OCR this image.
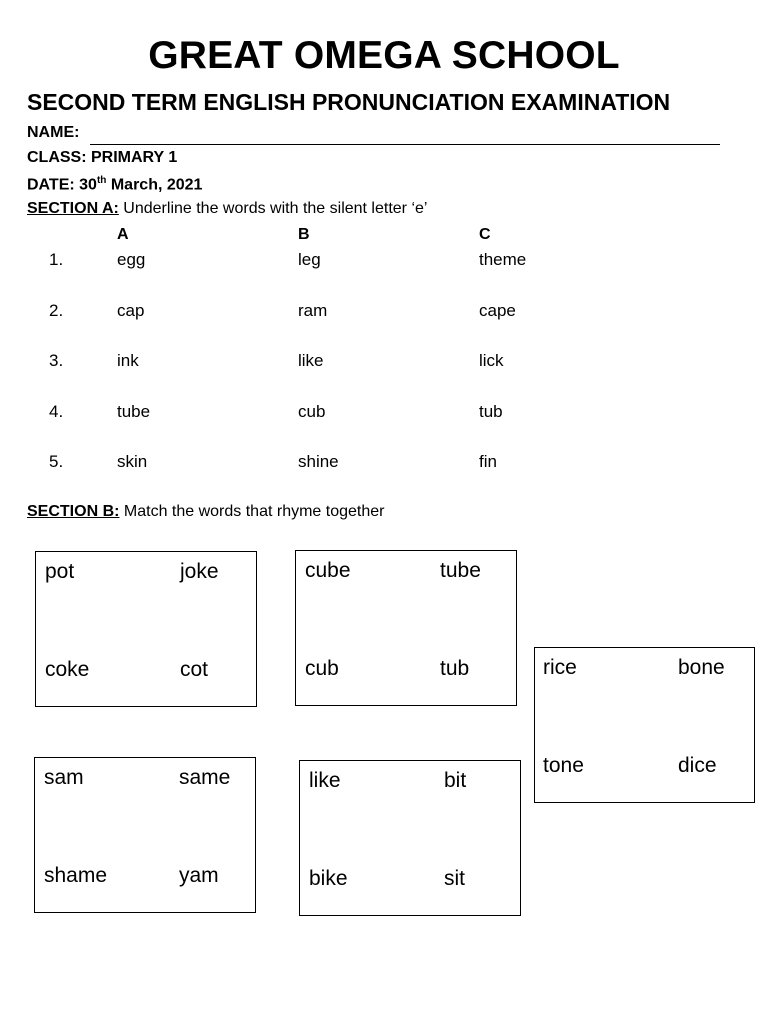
GREAT OMEGA SCHOOL
SECOND TERM ENGLISH PRONUNCIATION EXAMINATION
NAME:
CLASS: PRIMARY 1
DATE: 30th March, 2021
SECTION A: Underline the words with the silent letter ‘e’
A	B	C
1.	egg	leg	theme
2.	cap	ram	cape
3.	ink	like	lick
4.	tube	cub	tub
5.	skin	shine	fin
SECTION B: Match the words that rhyme together
pot	joke
coke	cot
cube	tube
cub	tub	rice	bone
tone	dice
sam	same
shame	yam
like	bit
bike	sit
